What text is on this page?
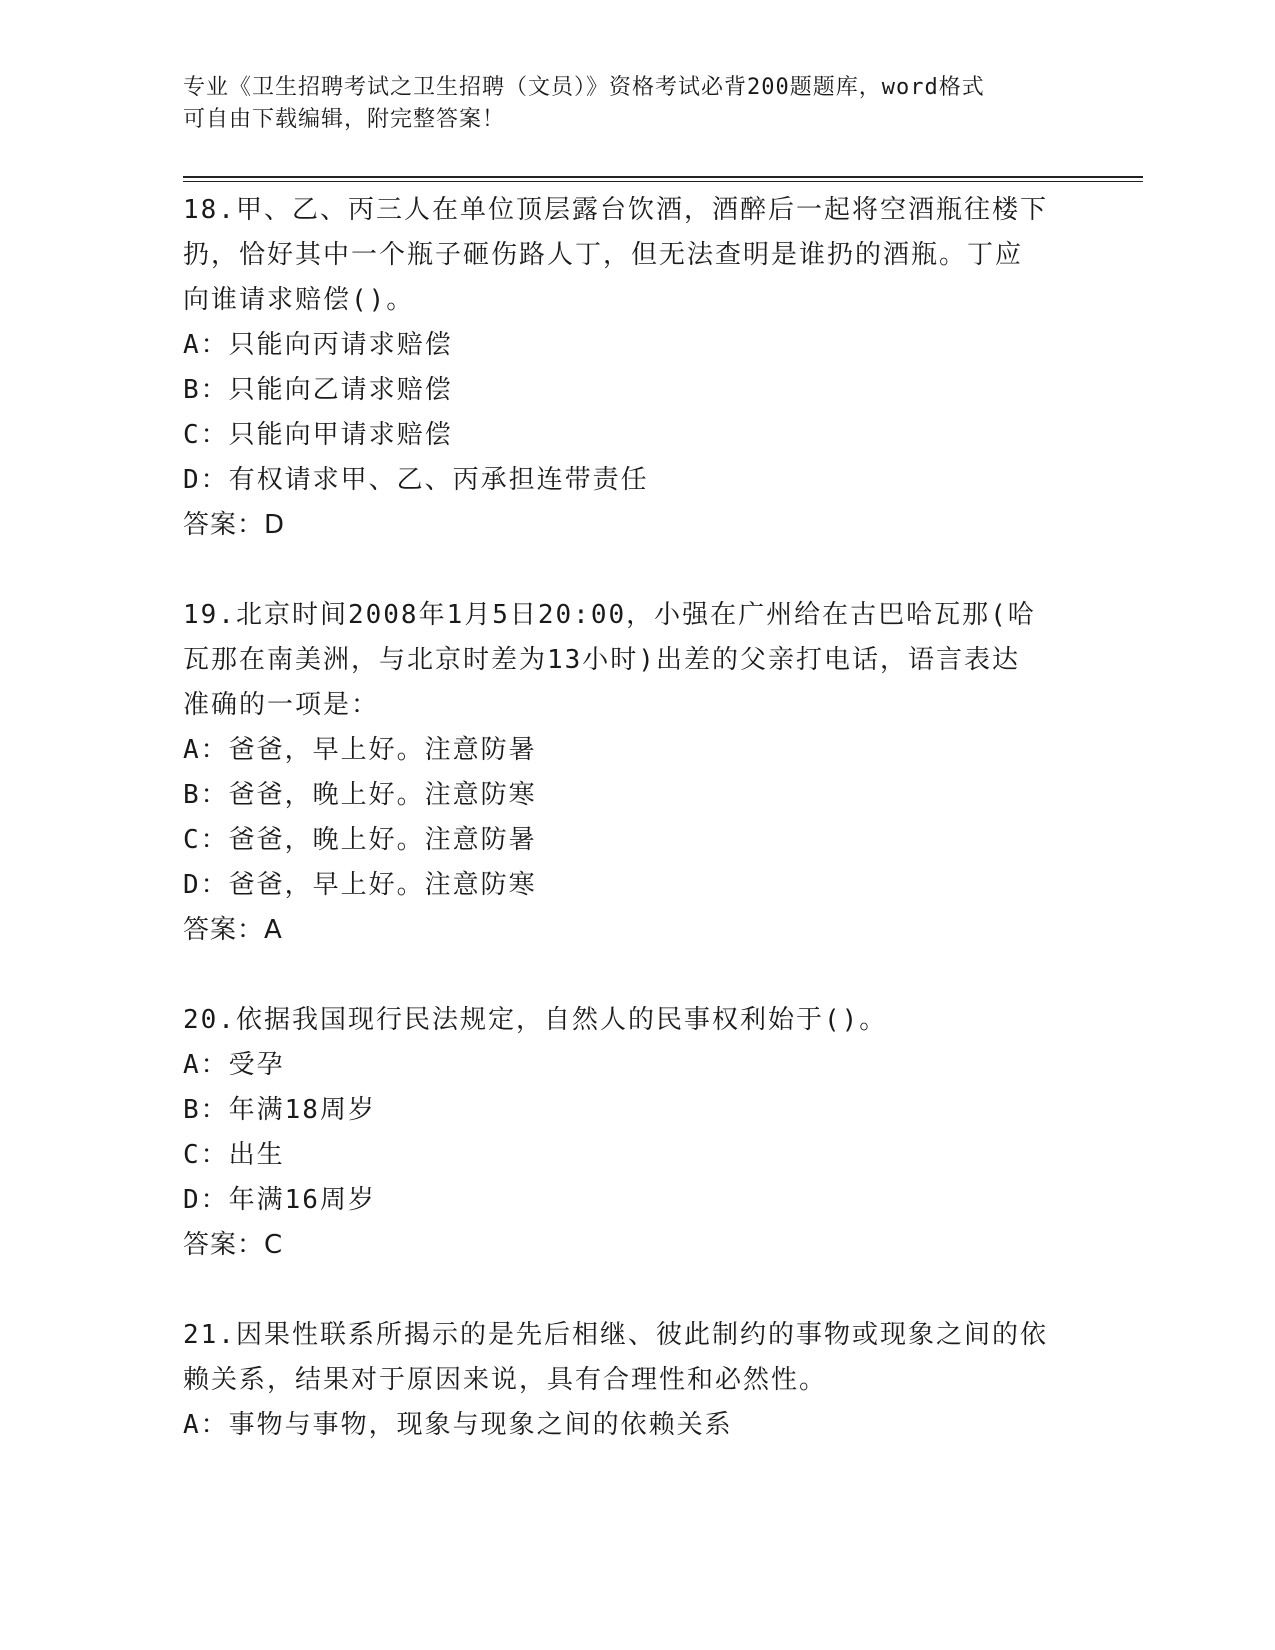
专业《卫生招聘考试之卫生招聘（文员）》资格考试必背200题题库，word格式
可自由下载编辑，附完整答案！
18.甲、乙、丙三人在单位顶层露台饮酒，酒醉后一起将空酒瓶往楼下
扔，恰好其中一个瓶子砸伤路人丁，但无法查明是谁扔的酒瓶。丁应
向谁请求赔偿()。
A：只能向丙请求赔偿
B：只能向乙请求赔偿
C：只能向甲请求赔偿
D：有权请求甲、乙、丙承担连带责任
答案：D
19.北京时间2008年1月5日20:00，小强在广州给在古巴哈瓦那(哈
瓦那在南美洲，与北京时差为13小时)出差的父亲打电话，语言表达
准确的一项是：
A：爸爸，早上好。注意防暑
B：爸爸，晚上好。注意防寒
C：爸爸，晚上好。注意防暑
D：爸爸，早上好。注意防寒
答案：A
20.依据我国现行民法规定，自然人的民事权利始于()。
A：受孕
B：年满18周岁
C：出生
D：年满16周岁
答案：C
21.因果性联系所揭示的是先后相继、彼此制约的事物或现象之间的依
赖关系，结果对于原因来说，具有合理性和必然性。
A：事物与事物，现象与现象之间的依赖关系
